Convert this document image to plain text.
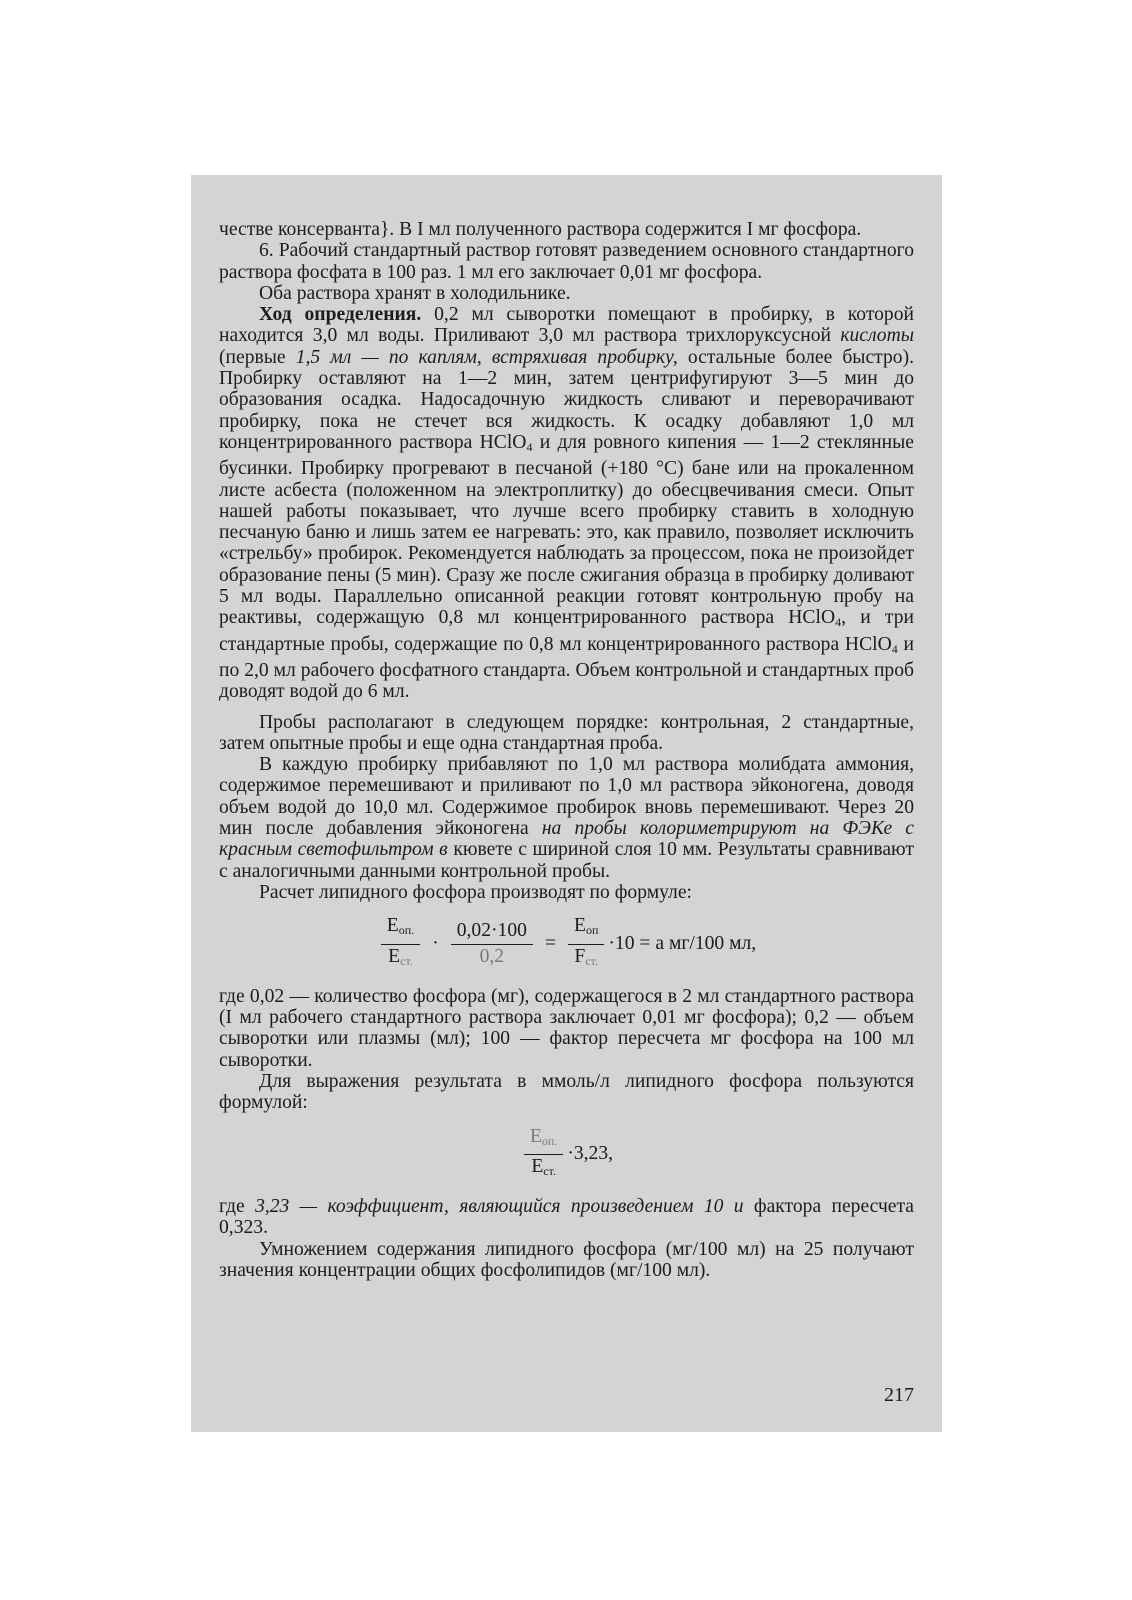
честве консерванта}. В I мл полученного раствора содержится I мг фосфора.

6. Рабочий стандартный раствор готовят разведением основного стандартного раствора фосфата в 100 раз. 1 мл его заключает 0,01 мг фосфора.

Оба раствора хранят в холодильнике.

Ход определения. 0,2 мл сыворотки помещают в пробирку, в которой находится 3,0 мл воды. Приливают 3,0 мл раствора трихлоруксусной кислоты (первые 1,5 мл — по каплям, встряхивая пробирку, остальные более быстро). Пробирку оставляют на 1—2 мин, затем центрифугируют 3—5 мин до образования осадка. Надосадочную жидкость сливают и переворачивают пробирку, пока не стечет вся жидкость. К осадку добавляют 1,0 мл концентрированного раствора HClO$_4$ и для ровного кипения — 1—2 стеклянные бусинки. Пробирку прогревают в песчаной (+180 °С) бане или на прокаленном листе асбеста (положенном на электроплитку) до обесцвечивания смеси. Опыт нашей работы показывает, что лучше всего пробирку ставить в холодную песчаную баню и лишь затем ее нагревать: это, как правило, позволяет исключить «стрельбу» пробирок. Рекомендуется наблюдать за процессом, пока не произойдет образование пены (5 мин). Сразу же после сжигания образца в пробирку доливают 5 мл воды. Параллельно описанной реакции готовят контрольную пробу на реактивы, содержащую 0,8 мл концентрированного раствора HClO$_4$, и три стандартные пробы, содержащие по 0,8 мл концентрированного раствора HClO$_4$ и по 2,0 мл рабочего фосфатного стандарта. Объем контрольной и стандартных проб доводят водой до 6 мл.

Пробы располагают в следующем порядке: контрольная, 2 стандартные, затем опытные пробы и еще одна стандартная проба.

В каждую пробирку прибавляют по 1,0 мл раствора молибдата аммония, содержимое перемешивают и приливают по 1,0 мл раствора эйконогена, доводя объем водой до 10,0 мл. Содержимое пробирок вновь перемешивают. Через 20 мин после добавления эйконогена на пробы колориметрируют на ФЭКе с красным светофильтром в кювете с шириной слоя 10 мм. Результаты сравнивают с аналогичными данными контрольной пробы.

Расчет липидного фосфора производят по формуле:

$\frac{E_{оп.}}{E_{ст.}} \cdot \frac{0,02\cdot 100}{0,2} = \frac{E_{оп}}{F_{ст.}} \cdot 10 = а$ мг/100 мл,

где 0,02 — количество фосфора (мг), содержащегося в 2 мл стандартного раствора (I мл рабочего стандартного раствора заключает 0,01 мг фосфора); 0,2 — объем сыворотки или плазмы (мл); 100 — фактор пересчета мг фосфора на 100 мл сыворотки.

Для выражения результата в ммоль/л липидного фосфора пользуются формулой:

$\frac{E_{оп.}}{E_{ст.}} \cdot 3,23$,

где 3,23 — коэффициент, являющийся произведением 10 и фактора пересчета 0,323.

Умножением содержания липидного фосфора (мг/100 мл) на 25 получают значения концентрации общих фосфолипидов (мг/100 мл).

217
